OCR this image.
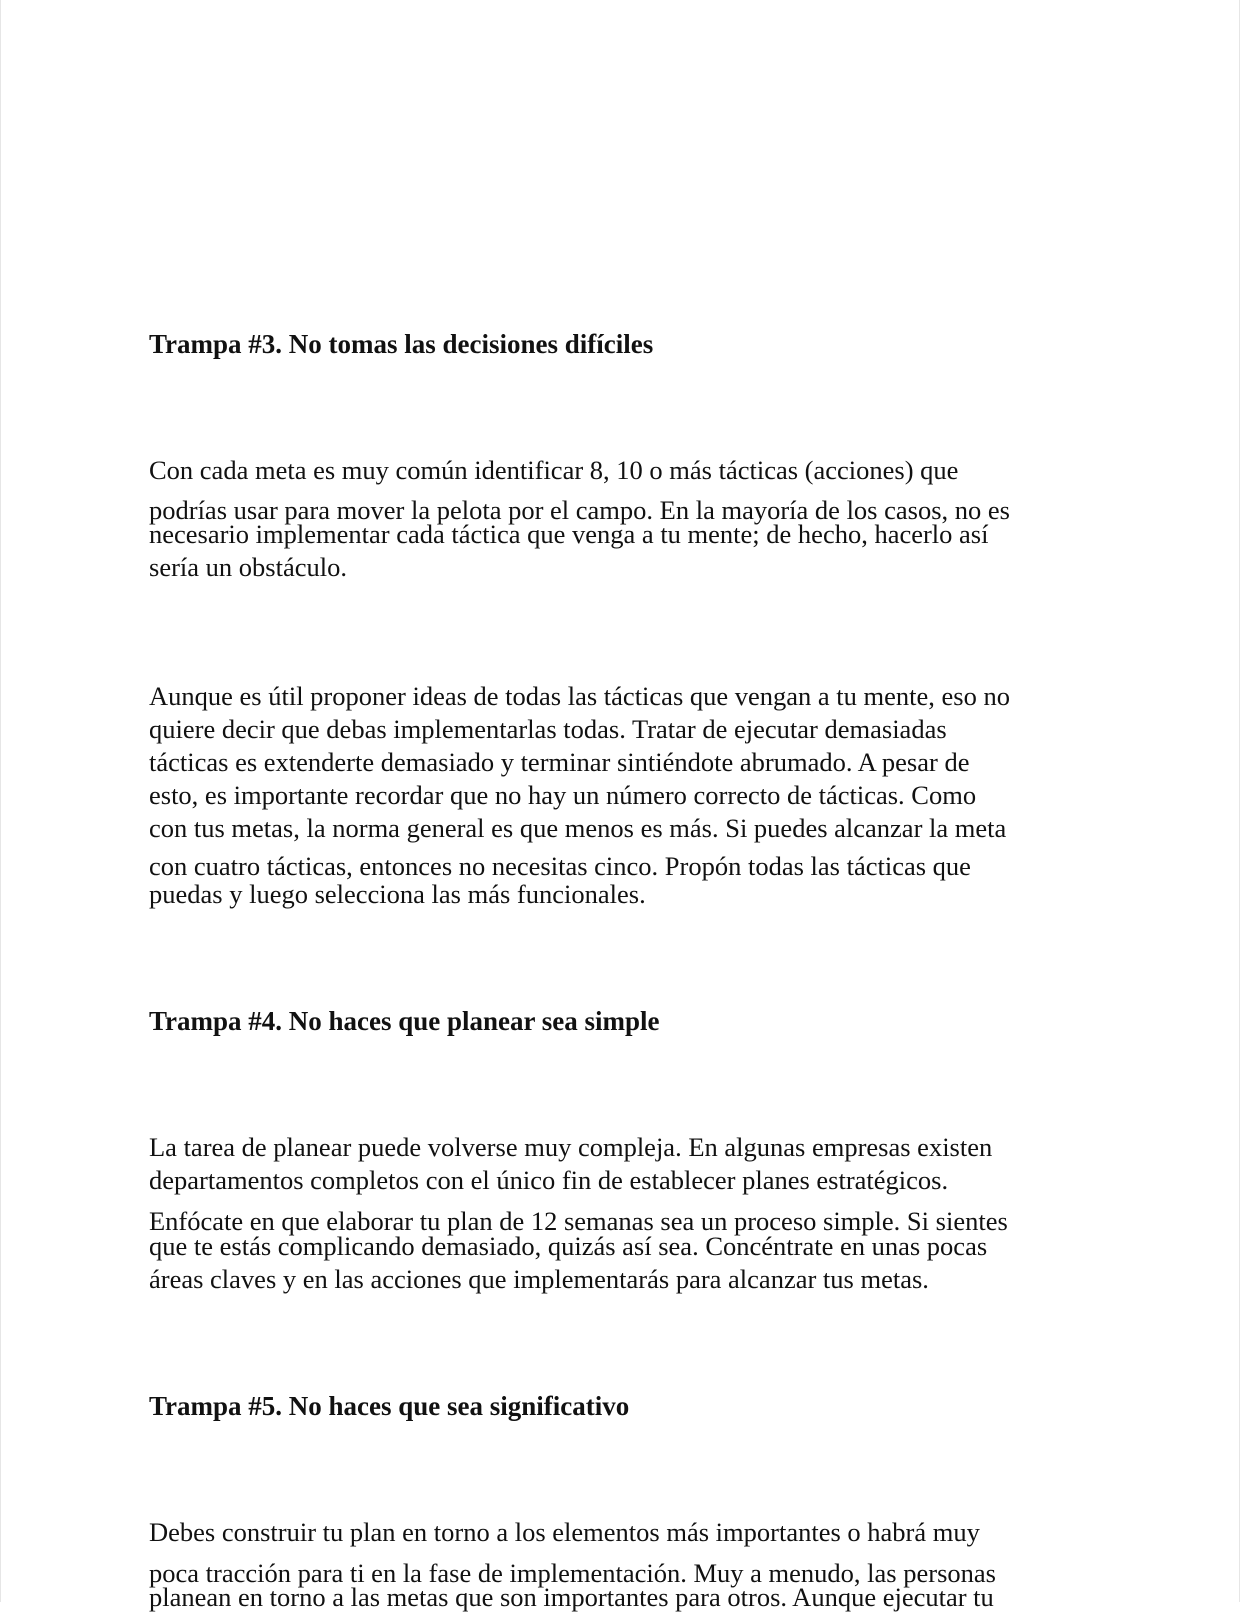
Trampa #3. No tomas las decisiones difíciles

Con cada meta es muy común identificar 8, 10 o más tácticas (acciones) que
podrías usar para mover la pelota por el campo. En la mayoría de los casos, no es
necesario implementar cada táctica que venga a tu mente; de hecho, hacerlo así
sería un obstáculo.

Aunque es útil proponer ideas de todas las tácticas que vengan a tu mente, eso no
quiere decir que debas implementarlas todas. Tratar de ejecutar demasiadas
tácticas es extenderte demasiado y terminar sintiéndote abrumado. A pesar de
esto, es importante recordar que no hay un número correcto de tácticas. Como
con tus metas, la norma general es que menos es más. Si puedes alcanzar la meta
con cuatro tácticas, entonces no necesitas cinco. Propón todas las tácticas que
puedas y luego selecciona las más funcionales.

Trampa #4. No haces que planear sea simple

La tarea de planear puede volverse muy compleja. En algunas empresas existen
departamentos completos con el único fin de establecer planes estratégicos.
Enfócate en que elaborar tu plan de 12 semanas sea un proceso simple. Si sientes
que te estás complicando demasiado, quizás así sea. Concéntrate en unas pocas
áreas claves y en las acciones que implementarás para alcanzar tus metas.

Trampa #5. No haces que sea significativo

Debes construir tu plan en torno a los elementos más importantes o habrá muy
poca tracción para ti en la fase de implementación. Muy a menudo, las personas
planean en torno a las metas que son importantes para otros. Aunque ejecutar tu
